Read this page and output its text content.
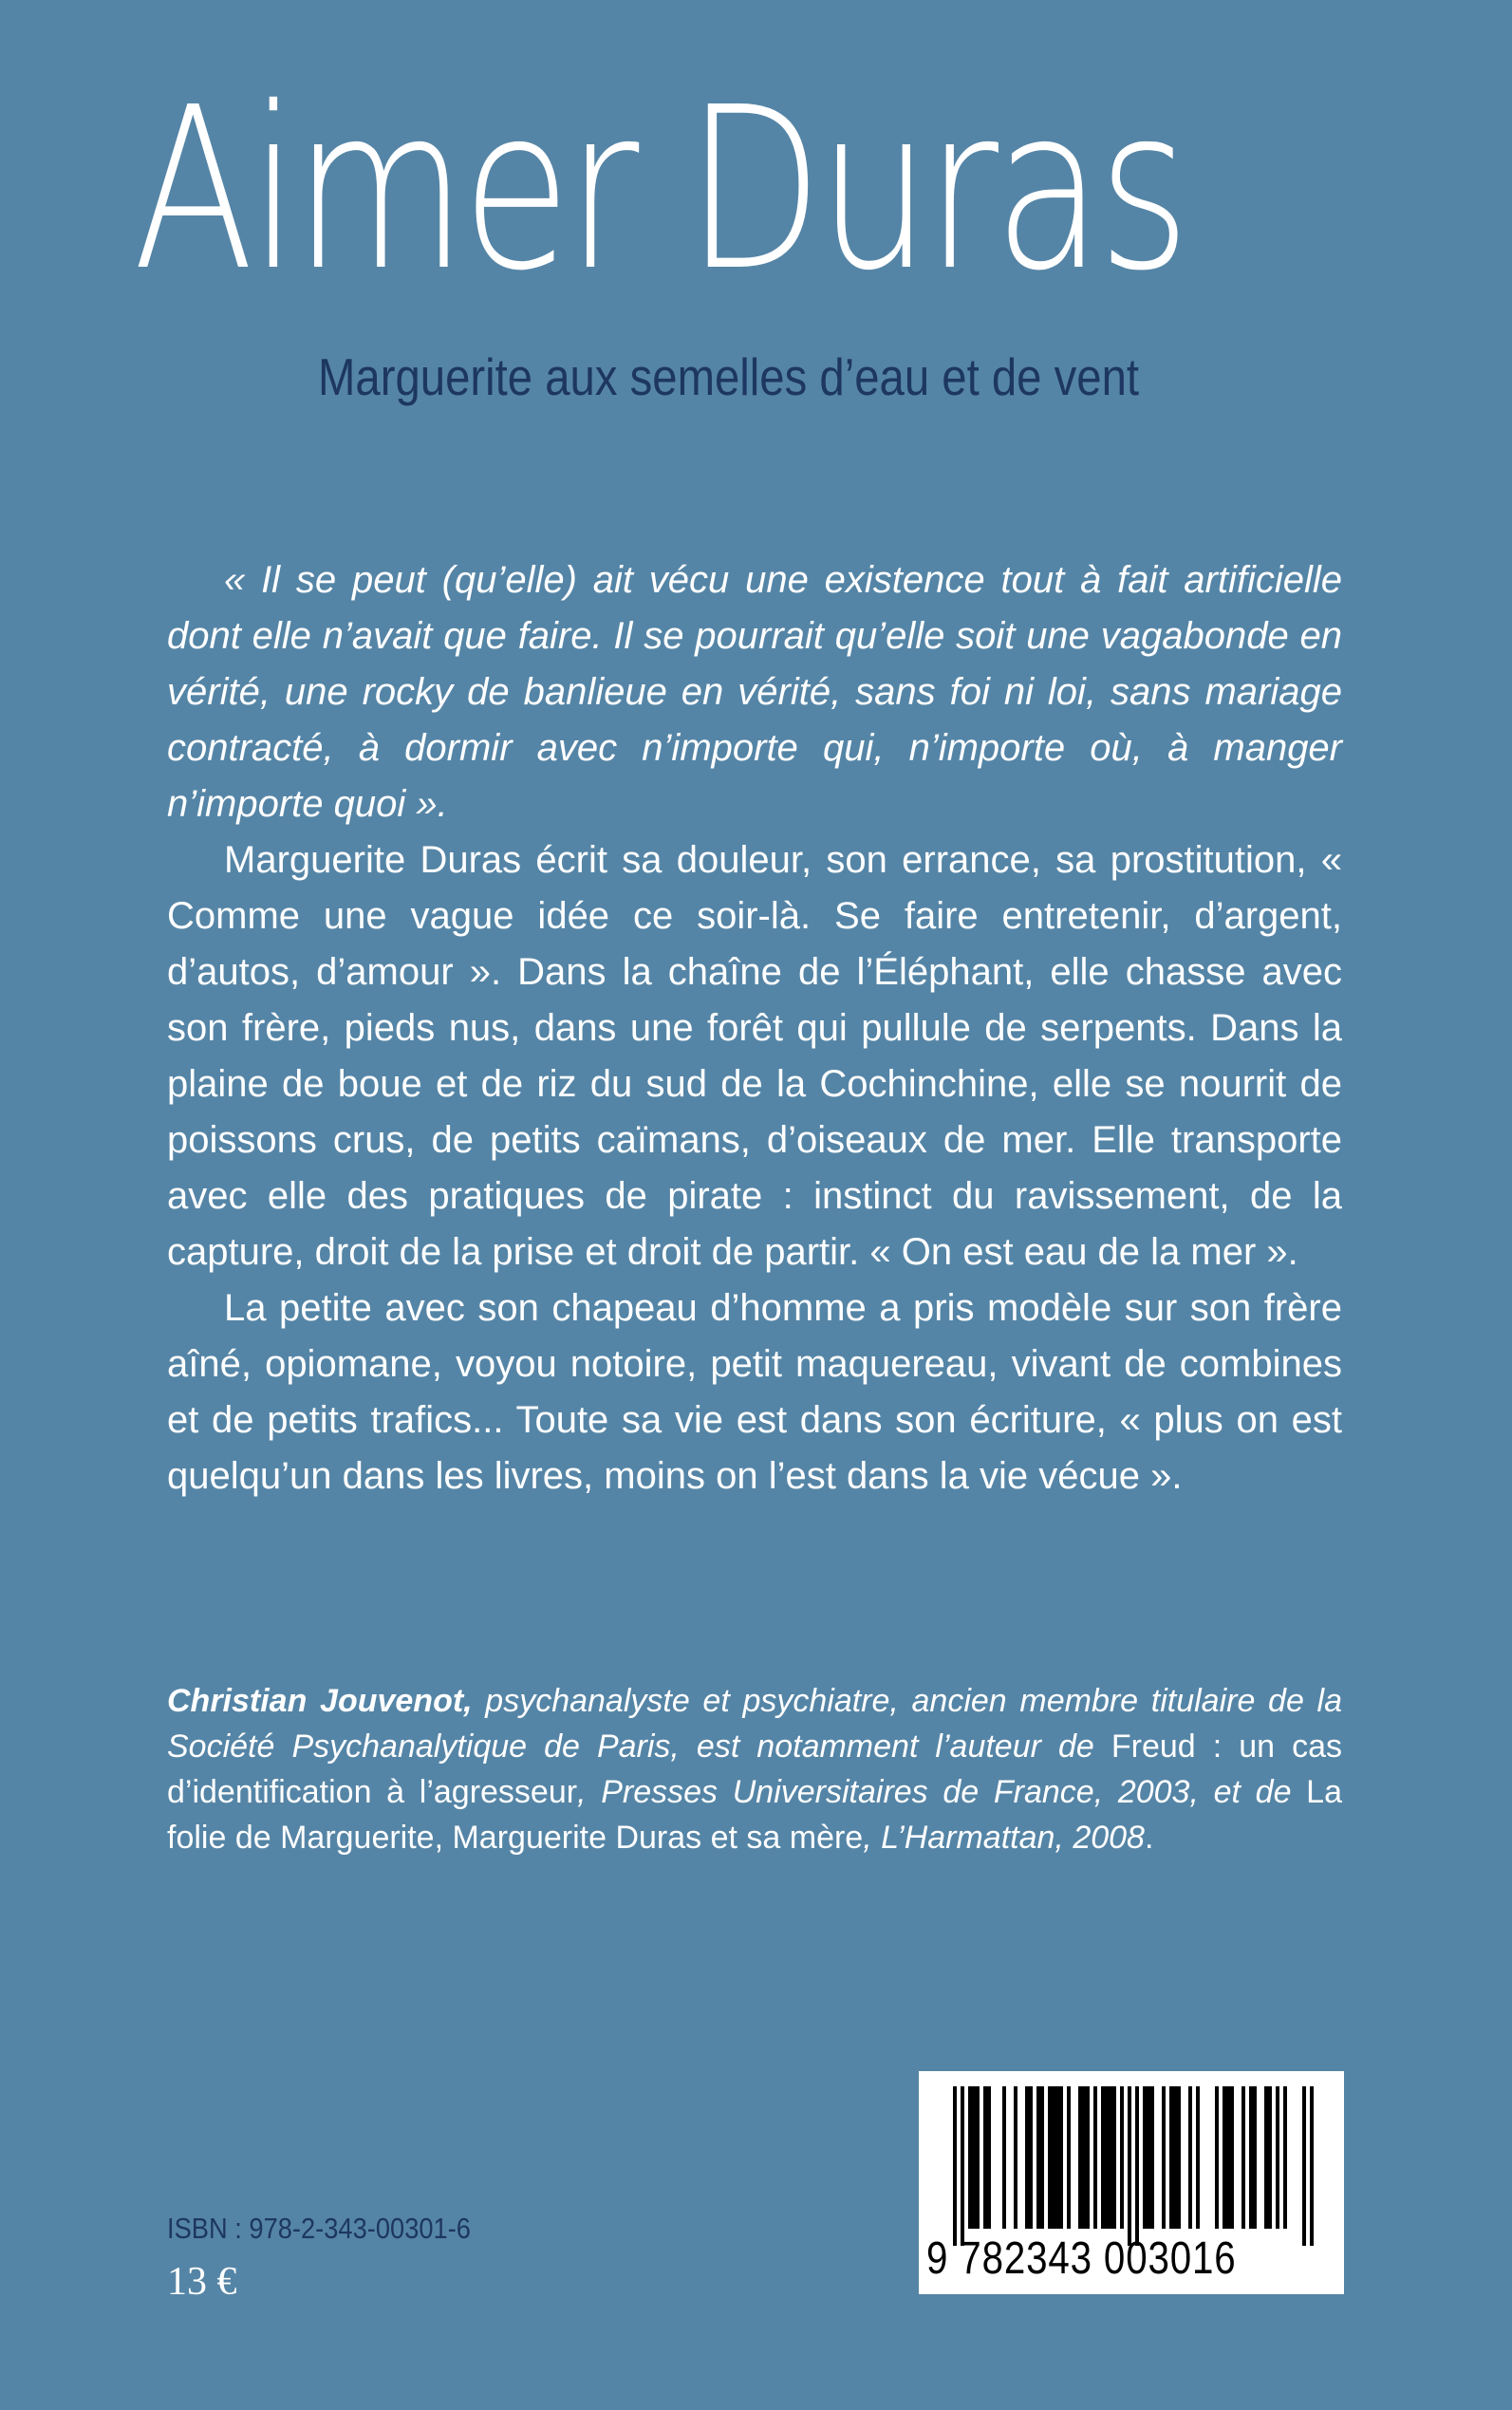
Aimer Duras
Marguerite aux semelles d’eau et de vent

« Il se peut (qu’elle) ait vécu une existence tout à fait artificielle dont elle n’avait que faire. Il se pourrait qu’elle soit une vagabonde en vérité, une rocky de banlieue en vérité, sans foi ni loi, sans mariage contracté, à dormir avec n’importe qui, n’importe où, à manger n’importe quoi ».

Marguerite Duras écrit sa douleur, son errance, sa prostitution, « Comme une vague idée ce soir-là. Se faire entretenir, d’argent, d’autos, d’amour ». Dans la chaîne de l’Éléphant, elle chasse avec son frère, pieds nus, dans une forêt qui pullule de serpents. Dans la plaine de boue et de riz du sud de la Cochinchine, elle se nourrit de poissons crus, de petits caïmans, d’oiseaux de mer. Elle transporte avec elle des pratiques de pirate : instinct du ravissement, de la capture, droit de la prise et droit de partir. « On est eau de la mer ».

La petite avec son chapeau d’homme a pris modèle sur son frère aîné, opiomane, voyou notoire, petit maquereau, vivant de combines et de petits trafics... Toute sa vie est dans son écriture, « plus on est quelqu’un dans les livres, moins on l’est dans la vie vécue ».

Christian Jouvenot, psychanalyste et psychiatre, ancien membre titulaire de la Société Psychanalytique de Paris, est notamment l’auteur de Freud : un cas d’identification à l’agresseur, Presses Universitaires de France, 2003, et de La folie de Marguerite, Marguerite Duras et sa mère, L’Harmattan, 2008.
ISBN : 978-2-343-00301-6
13 €	9 782343 003016
